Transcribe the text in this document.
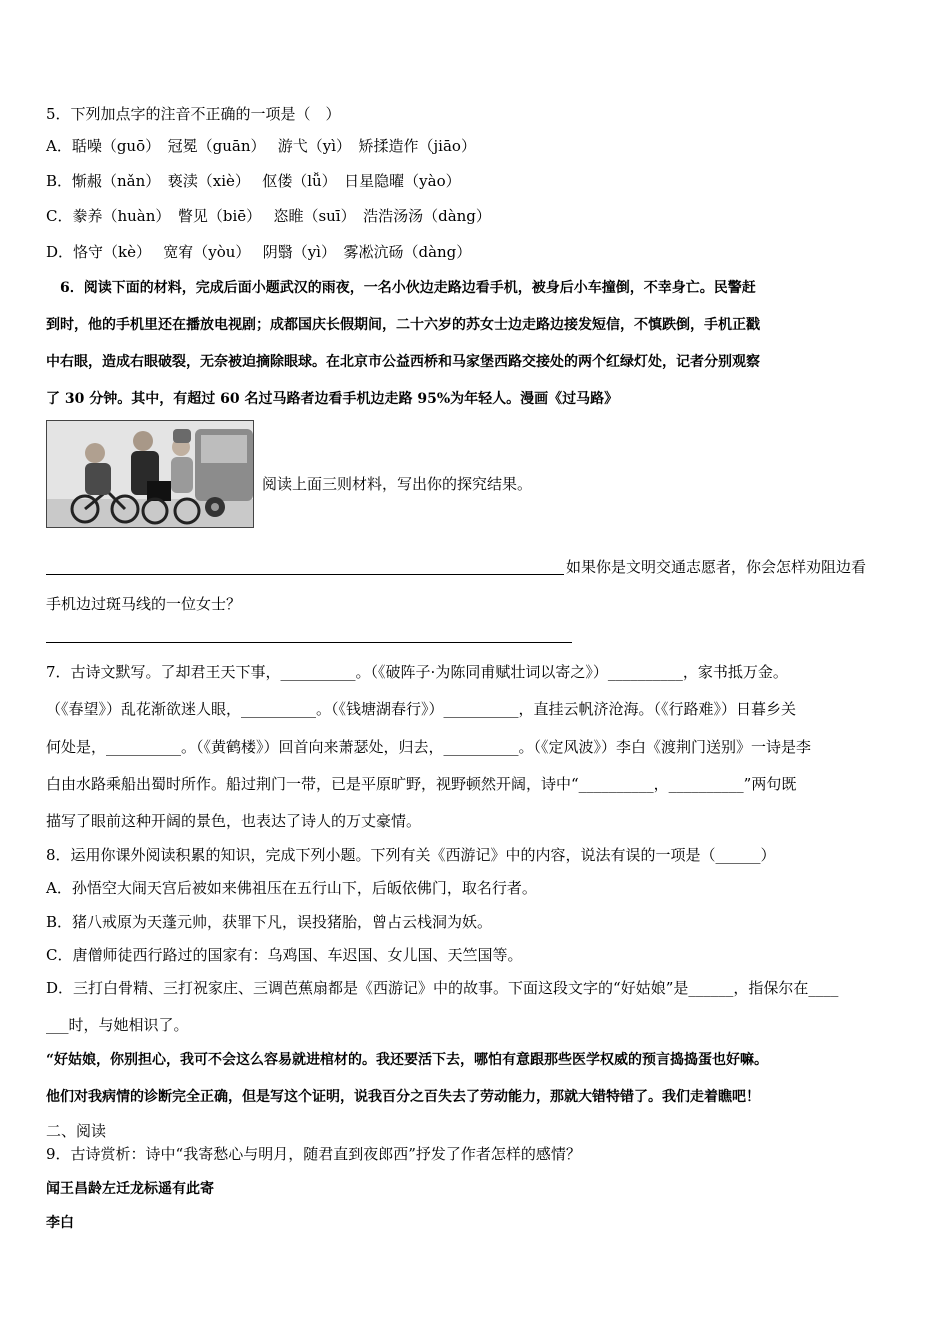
5．下列加点字的注音不正确的一项是（　）
A．聒噪（guō）　冠冕（guān）　 游弋（yì）　矫揉造作（jiāo）
B．惭赧（nǎn）　亵渎（xiè）　 伛偻（lǚ）　日星隐曜（yào）
C．豢养（huàn）　瞥见（biē）　 恣睢（suī）　浩浩汤汤（dàng）
D．恪守（kè）　 宽宥（yòu）　 阴翳（yì）　雾凇沆砀（dàng）
　6．阅读下面的材料，完成后面小题武汉的雨夜，一名小伙边走路边看手机，被身后小车撞倒，不幸身亡。民警赶
到时，他的手机里还在播放电视剧；成都国庆长假期间，二十六岁的苏女士边走路边接发短信，不慎跌倒，手机正戳
中右眼，造成右眼破裂，无奈被迫摘除眼球。在北京市公益西桥和马家堡西路交接处的两个红绿灯处，记者分别观察
了 30 分钟。其中，有超过 60 名过马路者边看手机边走路 95%为年轻人。漫画《过马路》
阅读上面三则材料，写出你的探究结果。
如果你是文明交通志愿者，你会怎样劝阻边看
手机边过斑马线的一位女士？
7．古诗文默写。了却君王天下事，__________。（《破阵子·为陈同甫赋壮词以寄之》）__________，家书抵万金。
（《春望》）乱花渐欲迷人眼，__________。（《钱塘湖春行》）__________，直挂云帆济沧海。（《行路难》）日暮乡关
何处是，__________。（《黄鹤楼》）回首向来萧瑟处，归去，__________。（《定风波》）李白《渡荆门送别》一诗是李
白由水路乘船出蜀时所作。船过荆门一带，已是平原旷野，视野顿然开阔，诗中“__________，__________”两句既
描写了眼前这种开阔的景色，也表达了诗人的万丈豪情。
8．运用你课外阅读积累的知识，完成下列小题。下列有关《西游记》中的内容，说法有误的一项是（______）
A．孙悟空大闹天宫后被如来佛祖压在五行山下，后皈依佛门，取名行者。
B．猪八戒原为天蓬元帅，获罪下凡，误投猪胎，曾占云栈洞为妖。
C．唐僧师徒西行路过的国家有：乌鸡国、车迟国、女儿国、天竺国等。
D．三打白骨精、三打祝家庄、三调芭蕉扇都是《西游记》中的故事。下面这段文字的“好姑娘”是______，指保尔在____
___时，与她相识了。
“好姑娘，你别担心，我可不会这么容易就进棺材的。我还要活下去，哪怕有意跟那些医学权威的预言捣捣蛋也好嘛。
他们对我病情的诊断完全正确，但是写这个证明，说我百分之百失去了劳动能力，那就大错特错了。我们走着瞧吧！
二、阅读
9．古诗赏析：诗中“我寄愁心与明月，随君直到夜郎西”抒发了作者怎样的感情？
闻王昌龄左迁龙标遥有此寄
李白
